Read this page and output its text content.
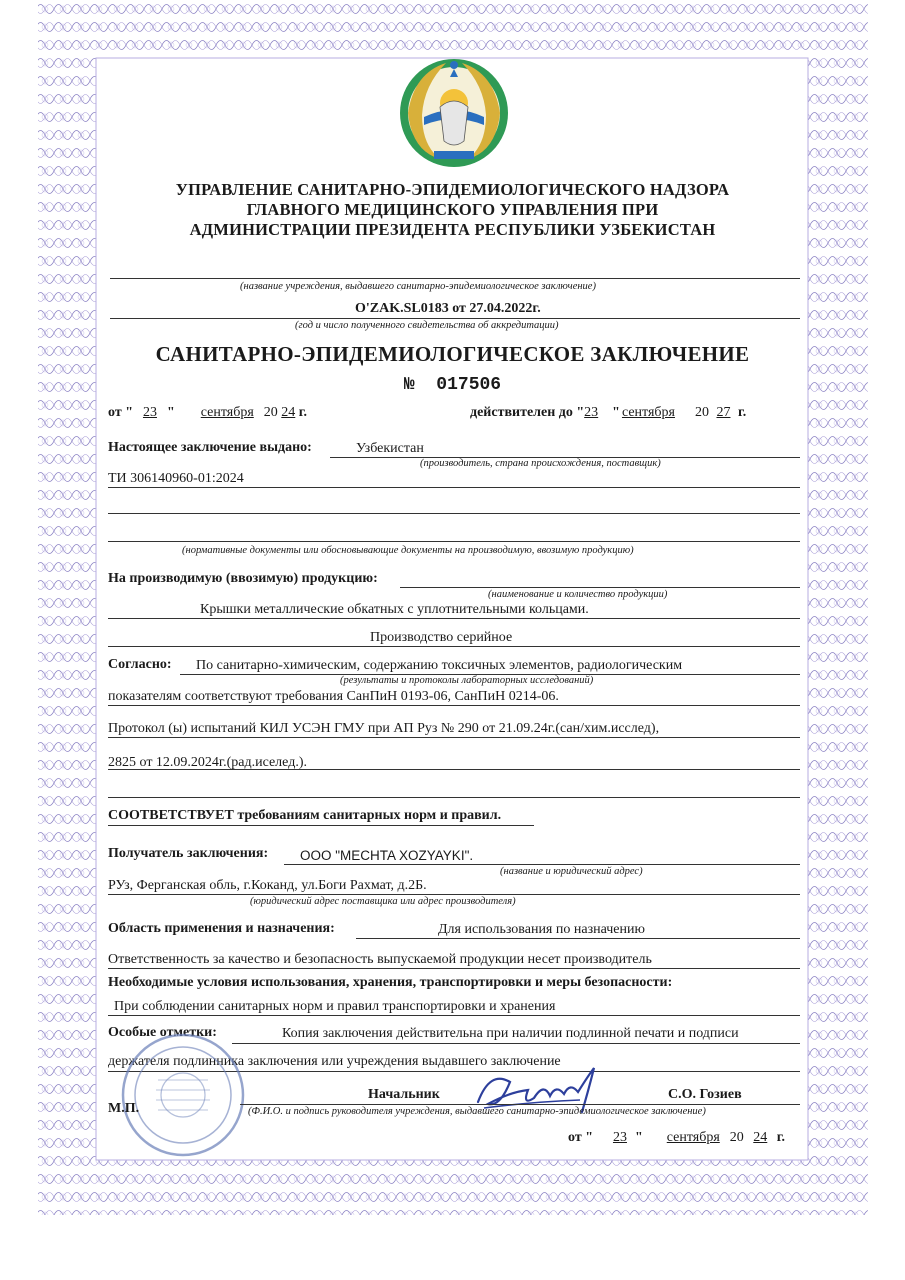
УПРАВЛЕНИЕ САНИТАРНО-ЭПИДЕМИОЛОГИЧЕСКОГО НАДЗОРА
ГЛАВНОГО МЕДИЦИНСКОГО УПРАВЛЕНИЯ ПРИ
АДМИНИСТРАЦИИ ПРЕЗИДЕНТА РЕСПУБЛИКИ УЗБЕКИСТАН
(название учреждения, выдавшего санитарно-эпидемиологическое заключение)
O'ZAK.SL0183 от 27.04.2022г.
(год и число полученного свидетельства об аккредитации)
САНИТАРНО-ЭПИДЕМИОЛОГИЧЕСКОЕ ЗАКЛЮЧЕНИЕ
№ 017506
от " 23 " сентября 20 24 г.	действителен до "23 " сентября 20 27 г.
Настоящее заключение выдано:	Узбекистан
(производитель, страна происхождения, поставщик)
ТИ 306140960-01:2024
(нормативные документы или обосновывающие документы на производимую, ввозимую продукцию)
На производимую (ввозимую) продукцию:
(наименование и количество продукции)
Крышки металлические обкатных с уплотнительными кольцами.
Производство серийное
Согласно: По санитарно-химическим, содержанию токсичных элементов, радиологическим
(результаты и протоколы лабораторных исследований)
показателям соответствуют требования СанПиН 0193-06, СанПиН 0214-06.
Протокол (ы) испытаний КИЛ УСЭН ГМУ при АП Руз № 290 от 21.09.24г.(сан/хим.исслед),
2825 от 12.09.2024г.(рад.иселед.).
СООТВЕТСТВУЕТ требованиям санитарных норм и правил.
Получатель заключения: ООО "MECHTA XOZYAYKI".
(название и юридический адрес)
РУз, Ферганская обль, г.Коканд, ул.Боги Рахмат, д.2Б.
(юридический адрес поставщика или адрес производителя)
Область применения и назначения:	Для использования по назначению
Ответственность за качество и безопасность выпускаемой продукции несет производитель
Необходимые условия использования, хранения, транспортировки и меры безопасности:
При соблюдении санитарных норм и правил транспортировки и хранения
Особые отметки:	Копия заключения действительна при наличии подлинной печати и подписи
держателя подлинника заключения или учреждения выдавшего заключение
М.П.
Начальник	С.О. Гозиев
(Ф.И.О. и подпись руководителя учреждения, выдавшего санитарно-эпидемиологическое заключение)
от " 23 " сентября 20 24 г.
